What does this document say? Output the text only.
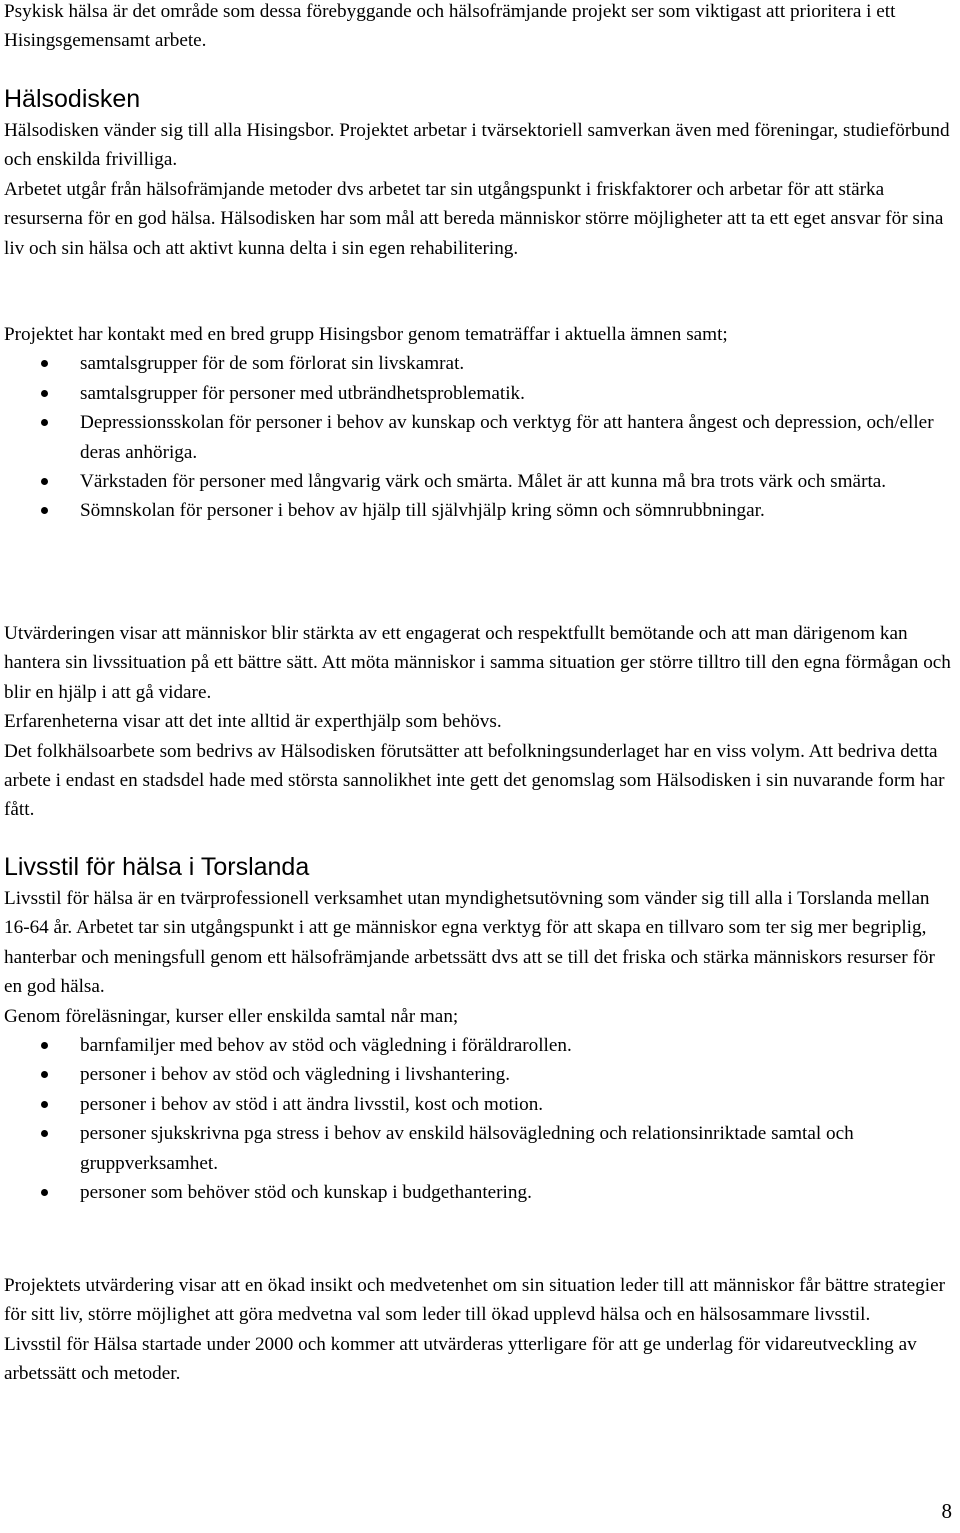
Psykisk hälsa är det område som dessa förebyggande och hälsofrämjande projekt ser som viktigast att prioritera i ett Hisingsgemensamt arbete.

Hälsodisken

Hälsodisken vänder sig till alla Hisingsbor. Projektet arbetar i tvärsektoriell samverkan även med föreningar, studieförbund och enskilda frivilliga.

Arbetet utgår från hälsofrämjande metoder dvs arbetet tar sin utgångspunkt i friskfaktorer och arbetar för att stärka resurserna för en god hälsa. Hälsodisken har som mål att bereda människor större möjligheter att ta ett eget ansvar för sina liv och sin hälsa och att aktivt kunna delta i sin egen rehabilitering.

Projektet har kontakt med en bred grupp Hisingsbor genom tematräffar i aktuella ämnen samt;

samtalsgrupper för de som förlorat sin livskamrat.
samtalsgrupper för personer med utbrändhetsproblematik.
Depressionsskolan för personer i behov av kunskap och verktyg för att hantera ångest och depression, och/eller deras anhöriga.
Värkstaden för personer med långvarig värk och smärta. Målet är att kunna må bra trots värk och smärta.
Sömnskolan för personer i behov av hjälp till självhjälp kring sömn och sömnrubbningar.

Utvärderingen visar att människor blir stärkta av ett engagerat och respektfullt bemötande och att man därigenom kan hantera sin livssituation på ett bättre sätt. Att möta människor i samma situation ger större tilltro till den egna förmågan och blir en hjälp i att gå vidare.

Erfarenheterna visar att det inte alltid är experthjälp som behövs.

Det folkhälsoarbete som bedrivs av Hälsodisken förutsätter att befolkningsunderlaget har en viss volym. Att bedriva detta arbete i endast en stadsdel hade med största sannolikhet inte gett det genomslag som Hälsodisken i sin nuvarande form har fått.

Livsstil för hälsa i Torslanda

Livsstil för hälsa är en tvärprofessionell verksamhet utan myndighetsutövning som vänder sig till alla i Torslanda mellan 16-64 år. Arbetet tar sin utgångspunkt i att ge människor egna verktyg för att skapa en tillvaro som ter sig mer begriplig, hanterbar och meningsfull genom ett hälsofrämjande arbetssätt dvs att se till det friska och stärka människors resurser för en god hälsa.

Genom föreläsningar, kurser eller enskilda samtal når man;

barnfamiljer med behov av stöd och vägledning i föräldrarollen.
personer i behov av stöd och vägledning i livshantering.
personer i behov av stöd i att ändra livsstil, kost och motion.
personer sjukskrivna pga stress i behov av enskild hälsovägledning och relationsinriktade samtal och gruppverksamhet.
personer som behöver stöd och kunskap i budgethantering.

Projektets utvärdering visar att en ökad insikt och medvetenhet om sin situation leder till att människor får bättre strategier för sitt liv, större möjlighet att göra medvetna val som leder till ökad upplevd hälsa och en hälsosammare livsstil.

Livsstil för Hälsa startade under 2000 och kommer att utvärderas ytterligare för att ge underlag för vidareutveckling av arbetssätt och metoder.

8
